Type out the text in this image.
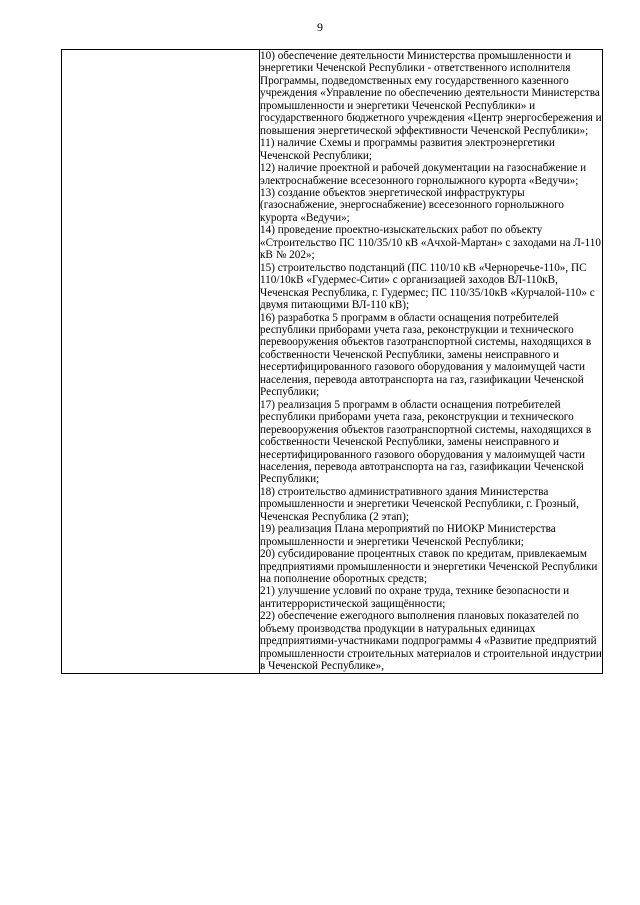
9

10) обеспечение деятельности Министерства промышленности и энергетики Чеченской Республики - ответственного исполнителя Программы, подведомственных ему государственного казенного учреждения «Управление по обеспечению деятельности Министерства промышленности и энергетики Чеченской Республики» и государственного бюджетного учреждения «Центр энергосбережения и повышения энергетической эффективности Чеченской Республики»;

11) наличие Схемы и программы развития электроэнергетики Чеченской Республики;

12) наличие проектной и рабочей документации на газоснабжение и электроснабжение всесезонного горнолыжного курорта «Ведучи»;

13) создание объектов энергетической инфраструктуры (газоснабжение, энергоснабжение) всесезонного горнолыжного курорта «Ведучи»;

14) проведение проектно-изыскательских работ по объекту «Строительство ПС 110/35/10 кВ «Ачхой-Мартан» с заходами на Л-110 кВ № 202»;

15) строительство подстанций (ПС 110/10 кВ «Черноречье-110», ПС 110/10кВ «Гудермес-Сити» с организацией заходов ВЛ-110кВ, Чеченская Республика, г. Гудермес; ПС 110/35/10кВ «Курчалой-110» с двумя питающими ВЛ-110 кВ);

16) разработка 5 программ в области оснащения потребителей республики приборами учета газа, реконструкции и технического перевооружения объектов газотранспортной системы, находящихся в собственности Чеченской Республики, замены неисправного и несертифицированного газового оборудования у малоимущей части населения, перевода автотранспорта на газ, газификации Чеченской Республики;

17) реализация 5 программ в области оснащения потребителей республики приборами учета газа, реконструкции и технического перевооружения объектов газотранспортной системы, находящихся в собственности Чеченской Республики, замены неисправного и несертифицированного газового оборудования у малоимущей части населения, перевода автотранспорта на газ, газификации Чеченской Республики;

18) строительство административного здания Министерства промышленности и энергетики Чеченской Республики, г. Грозный, Чеченская Республика (2 этап);

19) реализация Плана мероприятий по НИОКР Министерства промышленности и энергетики Чеченской Республики;

20) субсидирование процентных ставок по кредитам, привлекаемым предприятиями промышленности и энергетики Чеченской Республики на пополнение оборотных средств;

21) улучшение условий по охране труда, технике безопасности и антитеррористической защищённости;

22) обеспечение ежегодного выполнения плановых показателей по объему производства продукции в натуральных единицах предприятиями-участниками подпрограммы 4 «Развитие предприятий промышленности строительных материалов и строительной индустрии в Чеченской Республике»,
